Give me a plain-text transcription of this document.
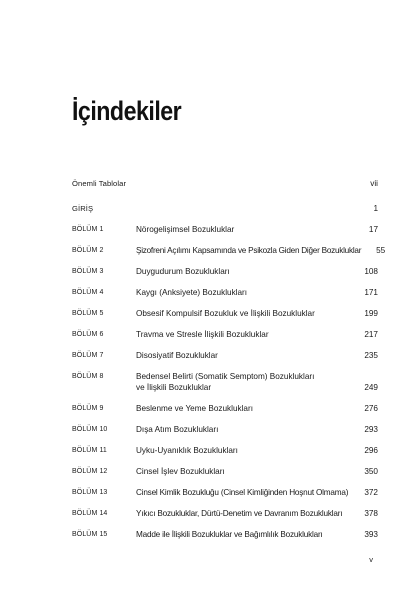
İçindekiler
Önemli Tablolar	vii
GİRİŞ	1
BÖLÜM 1	Nörogelişimsel Bozukluklar	17
BÖLÜM 2	Şizofreni Açılımı Kapsamında ve Psikozla Giden Diğer Bozukluklar	55
BÖLÜM 3	Duygudurum Bozuklukları	108
BÖLÜM 4	Kaygı (Anksiyete) Bozuklukları	171
BÖLÜM 5	Obsesif Kompulsif Bozukluk ve İlişkili Bozukluklar	199
BÖLÜM 6	Travma ve Stresle İlişkili Bozukluklar	217
BÖLÜM 7	Disosiyatif Bozukluklar	235
BÖLÜM 8	Bedensel Belirti (Somatik Semptom) Bozuklukları ve İlişkili Bozukluklar	249
BÖLÜM 9	Beslenme ve Yeme Bozuklukları	276
BÖLÜM 10	Dışa Atım Bozuklukları	293
BÖLÜM 11	Uyku-Uyanıklık Bozuklukları	296
BÖLÜM 12	Cinsel İşlev Bozuklukları	350
BÖLÜM 13	Cinsel Kimlik Bozukluğu (Cinsel Kimliğinden Hoşnut Olmama)	372
BÖLÜM 14	Yıkıcı Bozukluklar, Dürtü-Denetim ve Davranım Bozuklukları	378
BÖLÜM 15	Madde ile İlişkili Bozukluklar ve Bağımlılık Bozuklukları	393
v
